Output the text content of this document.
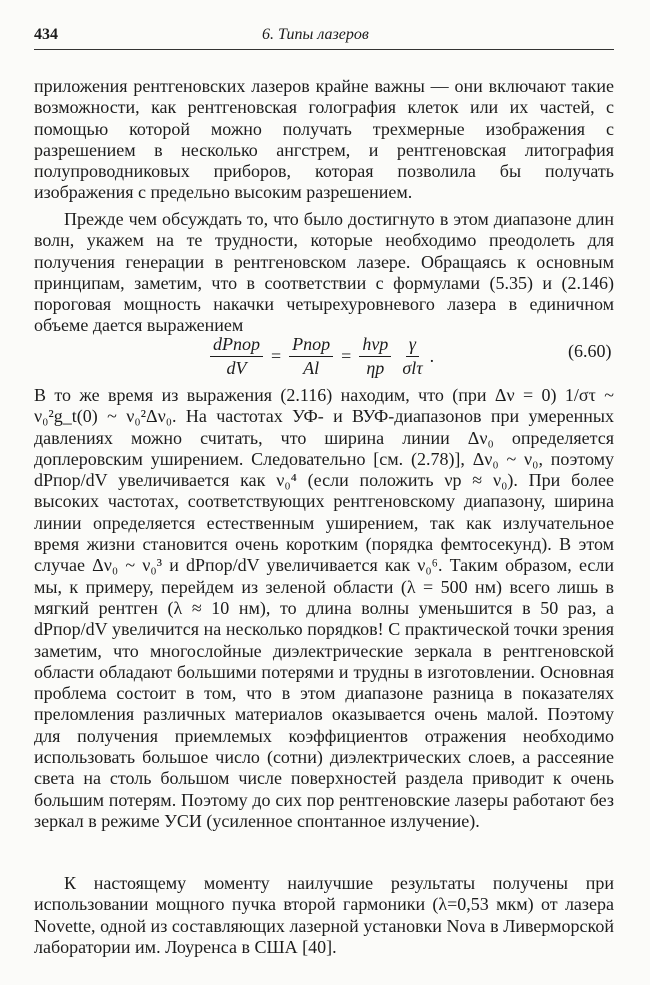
434	6. Типы лазеров
приложения рентгеновских лазеров крайне важны — они включают такие возможности, как рентгеновская голография клеток или их частей, с помощью которой можно получать трехмерные изображения с разрешением в несколько ангстрем, и рентгеновская литография полупроводниковых приборов, которая позволила бы получать изображения с предельно высоким разрешением.
Прежде чем обсуждать то, что было достигнуто в этом диапазоне длин волн, укажем на те трудности, которые необходимо преодолеть для получения генерации в рентгеновском лазере. Обращаясь к основным принципам, заметим, что в соответствии с формулами (5.35) и (2.146) пороговая мощность накачки четырехуровневого лазера в единичном объеме дается выражением
$\frac{\text{dPпор}}{dV} = \frac{\text{Pпор}}{Al} = \frac{\text{hνp}}{\eta p} \frac{\gamma}{\text{σlτ}}$ .	(6.60)
В то же время из выражения (2.116) находим, что (при Δν = 0) 1/στ ~ ν₀²g_t(0) ~ ν₀²Δν₀. На частотах УФ- и ВУФ-диапазонов при умеренных давлениях можно считать, что ширина линии Δν₀ определяется доплеровским уширением. Следовательно [см. (2.78)], Δν₀ ~ ν₀, поэтому dPпор/dV увеличивается как ν₀⁴ (если положить νp ≈ ν₀). При более высоких частотах, соответствующих рентгеновскому диапазону, ширина линии определяется естественным уширением, так как излучательное время жизни становится очень коротким (порядка фемтосекунд). В этом случае Δν₀ ~ ν₀³ и dPпор/dV увеличивается как ν₀⁶. Таким образом, если мы, к примеру, перейдем из зеленой области (λ = 500 нм) всего лишь в мягкий рентген (λ ≈ 10 нм), то длина волны уменьшится в 50 раз, а dPпор/dV увеличится на несколько порядков! С практической точки зрения заметим, что многослойные диэлектрические зеркала в рентгеновской области обладают большими потерями и трудны в изготовлении. Основная проблема состоит в том, что в этом диапазоне разница в показателях преломления различных материалов оказывается очень малой. Поэтому для получения приемлемых коэффициентов отражения необходимо использовать большое число (сотни) диэлектрических слоев, а рассеяние света на столь большом числе поверхностей раздела приводит к очень большим потерям. Поэтому до сих пор рентгеновские лазеры работают без зеркал в режиме УСИ (усиленное спонтанное излучение).
К настоящему моменту наилучшие результаты получены при использовании мощного пучка второй гармоники (λ=0,53 мкм) от лазера Novette, одной из составляющих лазерной установки Nova в Ливерморской лаборатории им. Лоуренса в США [40].
